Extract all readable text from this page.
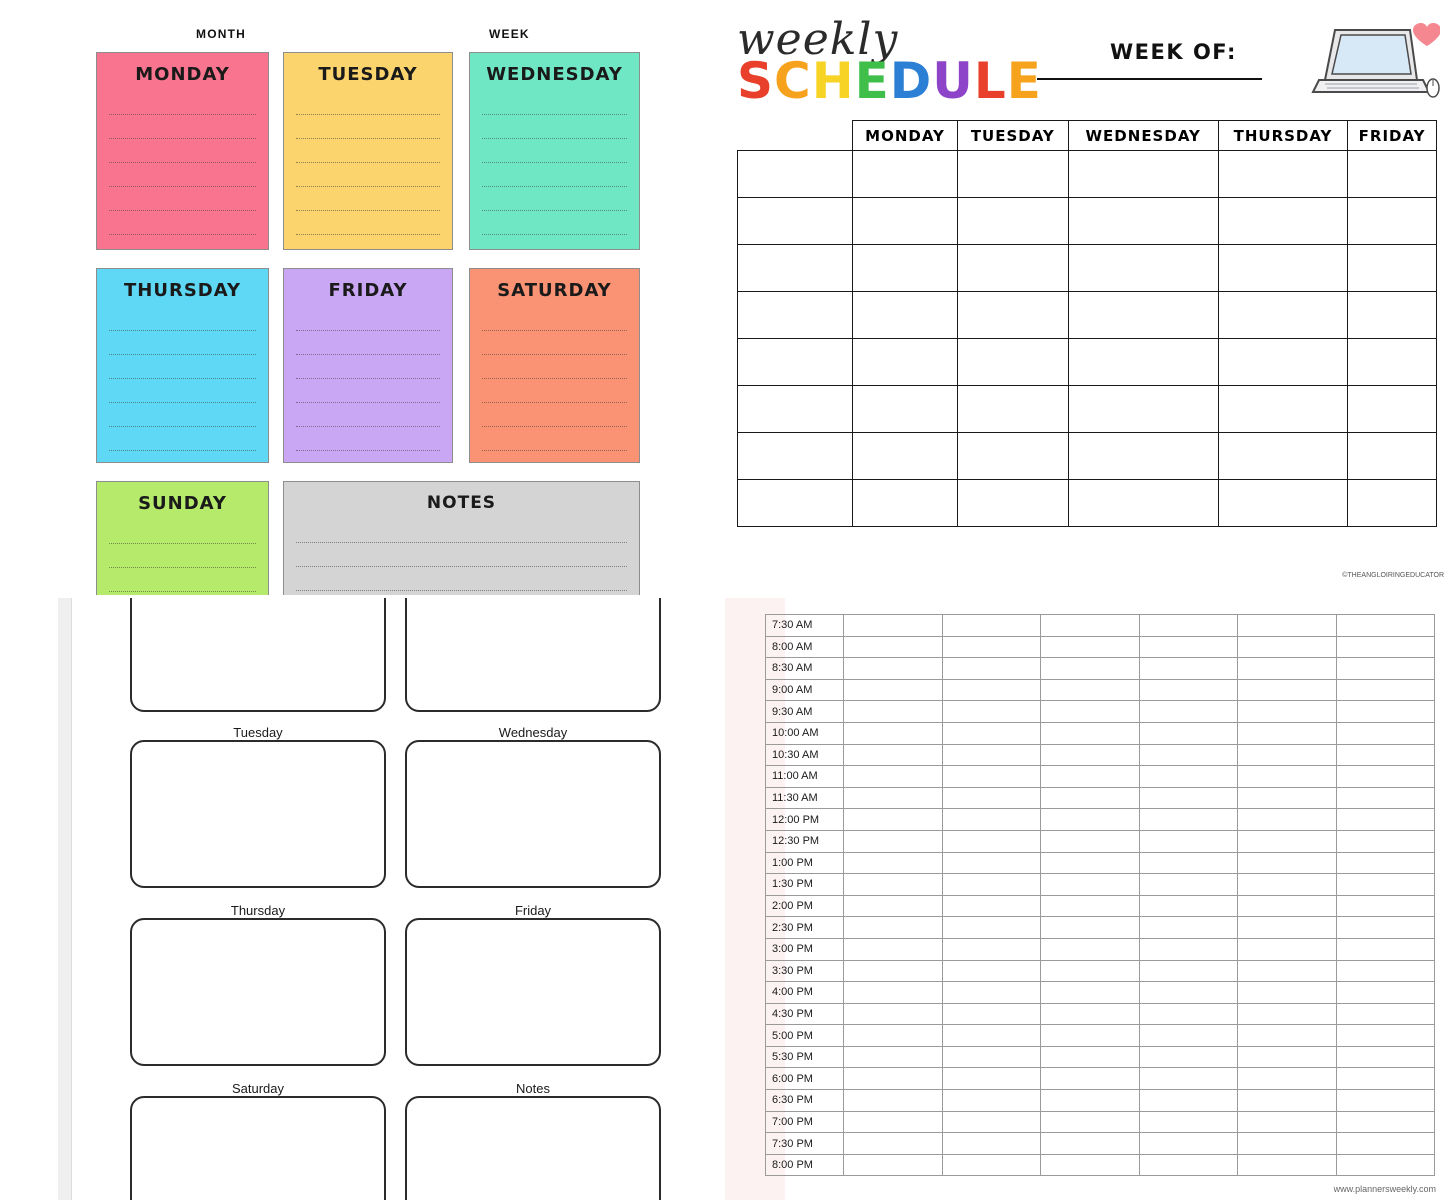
MONTH	WEEK
MONDAY	TUESDAY	WEDNESDAY
THURSDAY	FRIDAY	SATURDAY
SUNDAY	NOTES
weekly
SCHEDULE	WEEK OF:
	MONDAY	TUESDAY	WEDNESDAY	THURSDAY	FRIDAY

©THEANGLOIRINGEDUCATOR
Tuesday	Wednesday
Thursday	Friday
Saturday	Notes
7:30 AM						
8:00 AM						
8:30 AM						
9:00 AM						
9:30 AM						
10:00 AM						
10:30 AM						
11:00 AM						
11:30 AM						
12:00 PM						
12:30 PM						
1:00 PM						
1:30 PM						
2:00 PM						
2:30 PM						
3:00 PM						
3:30 PM						
4:00 PM						
4:30 PM						
5:00 PM						
5:30 PM						
6:00 PM						
6:30 PM						
7:00 PM						
7:30 PM						
8:00 PM						
www.plannersweekly.com
